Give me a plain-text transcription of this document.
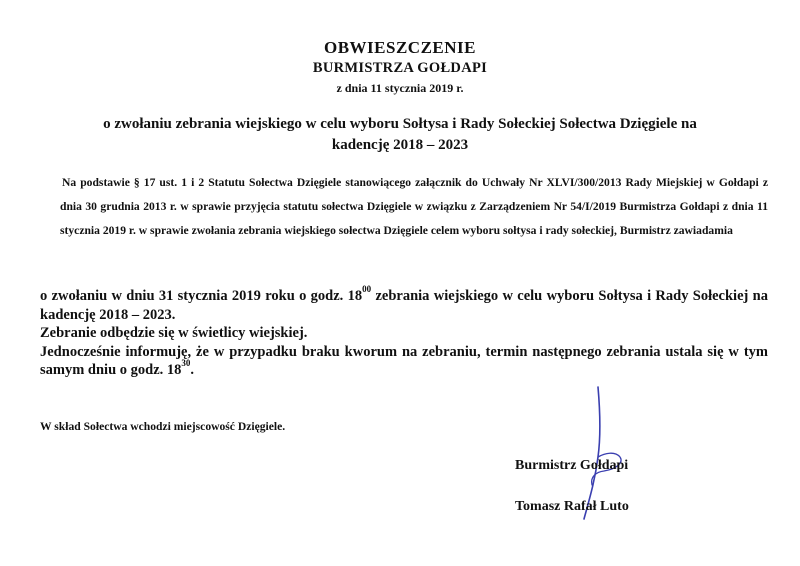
OBWIESZCZENIE
BURMISTRZA GOŁDAPI
z dnia 11 stycznia 2019 r.
o zwołaniu zebrania wiejskiego w celu wyboru Sołtysa i Rady Sołeckiej Sołectwa Dzięgiele na
kadencję 2018 – 2023
Na podstawie § 17 ust. 1 i 2 Statutu Sołectwa Dzięgiele stanowiącego załącznik do Uchwały Nr XLVI/300/2013 Rady Miejskiej w Gołdapi z dnia 30 grudnia 2013 r. w sprawie przyjęcia statutu sołectwa Dzięgiele w związku z Zarządzeniem Nr 54/I/2019 Burmistrza Gołdapi z dnia 11 stycznia 2019 r. w sprawie zwołania zebrania wiejskiego sołectwa Dzięgiele celem wyboru sołtysa i rady sołeckiej, Burmistrz zawiadamia

o zwołaniu w dniu 31 stycznia 2019 roku o godz. $18^{00}$ zebrania wiejskiego w celu wyboru Sołtysa i Rady Sołeckiej na kadencję 2018 – 2023.

Zebranie odbędzie się w świetlicy wiejskiej.

Jednocześnie informuję, że w przypadku braku kworum na zebraniu, termin następnego zebrania ustala się w tym samym dniu o godz. $18^{30}$.

W skład Sołectwa wchodzi miejscowość Dzięgiele.
Burmistrz Gołdapi
Tomasz Rafał Luto
